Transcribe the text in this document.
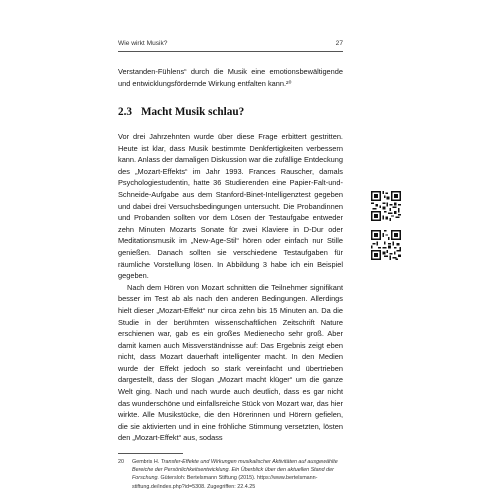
Wie wirkt Musik?	27

Verstanden-Fühlens“ durch die Musik eine emotionsbewältigende und entwicklungsfördernde Wirkung entfalten kann.²⁰

2.3 Macht Musik schlau?

Vor drei Jahrzehnten wurde über diese Frage erbittert gestritten. Heute ist klar, dass Musik bestimmte Denkfertigkeiten verbessern kann. Anlass der damaligen Diskussion war die zufällige Entdeckung des „Mozart-Effekts“ im Jahr 1993. Frances Rauscher, damals Psychologiestudentin, hatte 36 Studierenden eine Papier-Falt-und-Schneide-Aufgabe aus dem Stanford-Binet-Intelligenztest gegeben und dabei drei Versuchsbedingungen untersucht. Die Probandinnen und Probanden sollten vor dem Lösen der Testaufgabe entweder zehn Minuten Mozarts Sonate für zwei Klaviere in D-Dur oder Meditationsmusik im „New-Age-Stil“ hören oder einfach nur Stille genießen. Danach sollten sie verschiedene Testaufgaben für räumliche Vorstellung lösen. In Abbildung 3 habe ich ein Beispiel gegeben.

Nach dem Hören von Mozart schnitten die Teilnehmer signifikant besser im Test ab als nach den anderen Bedingungen. Allerdings hielt dieser „Mozart-Effekt“ nur circa zehn bis 15 Minuten an. Da die Studie in der berühmten wissenschaftlichen Zeitschrift Nature erschienen war, gab es ein großes Medienecho sehr groß. Aber damit kamen auch Missverständnisse auf: Das Ergebnis zeigt eben nicht, dass Mozart dauerhaft intelligenter macht. In den Medien wurde der Effekt jedoch so stark vereinfacht und übertrieben dargestellt, dass der Slogan „Mozart macht klüger“ um die ganze Welt ging. Nach und nach wurde auch deutlich, dass es gar nicht das wunderschöne und einfallsreiche Stück von Mozart war, das hier wirkte. Alle Musikstücke, die den Hörerinnen und Hörern gefielen, die sie aktivierten und in eine fröhliche Stimmung versetzten, lösten den „Mozart-Effekt“ aus, sodass

20 Gembris H. Transfer-Effekte und Wirkungen musikalischer Aktivitäten auf ausgewählte Bereiche der Persönlichkeitsentwicklung. Ein Überblick über den aktuellen Stand der Forschung. Gütersloh: Bertelsmann Stiftung (2015). https://www.bertelsmann-stiftung.de/index.php?id=5308. Zugegriffen: 22.4.25
